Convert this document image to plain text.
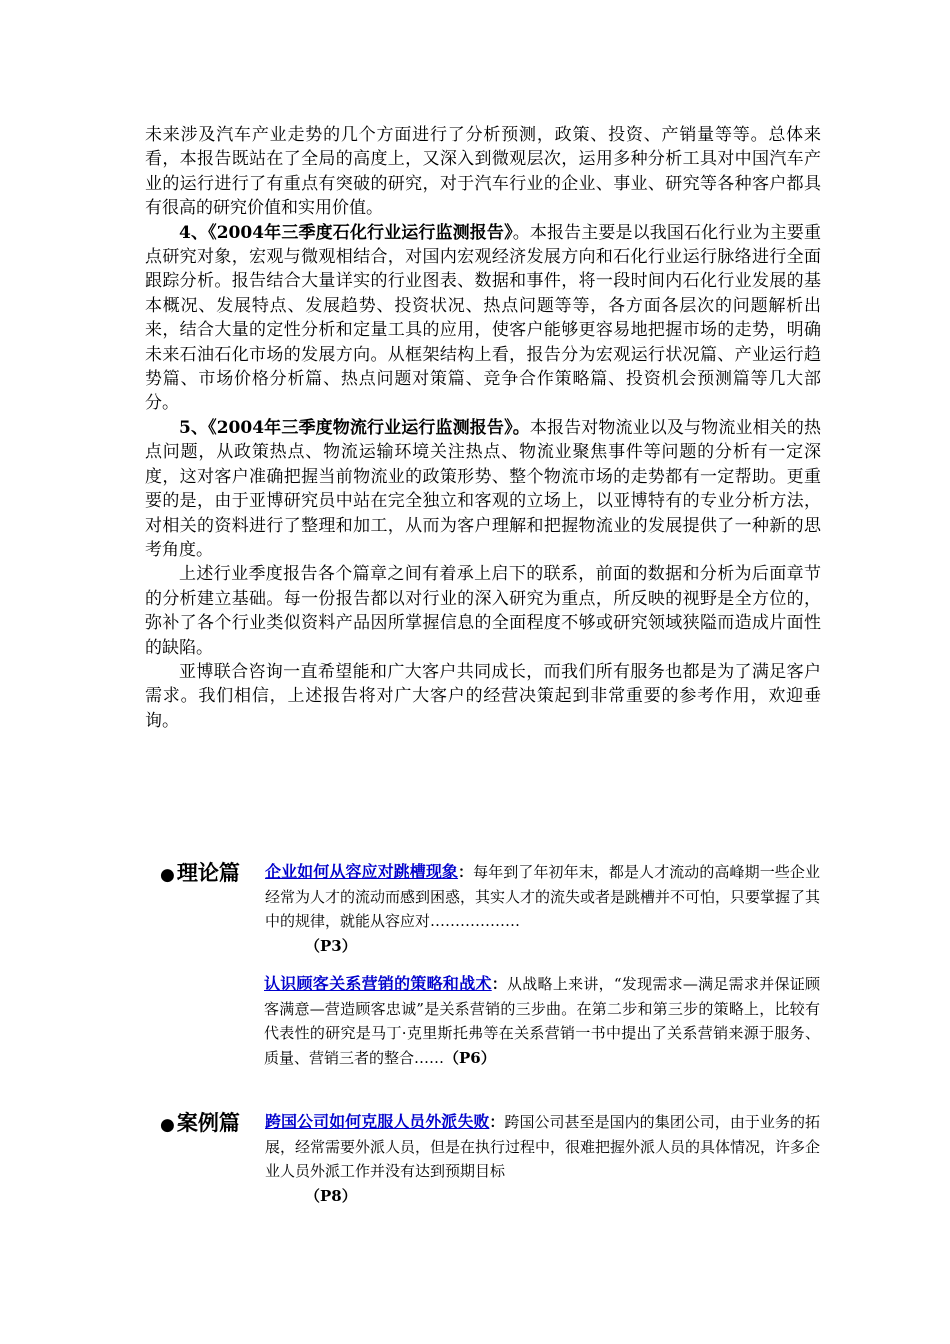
未来涉及汽车产业走势的几个方面进行了分析预测，政策、投资、产销量等等。总体来看，本报告既站在了全局的高度上，又深入到微观层次，运用多种分析工具对中国汽车产业的运行进行了有重点有突破的研究，对于汽车行业的企业、事业、研究等各种客户都具有很高的研究价值和实用价值。

4、《2004年三季度石化行业运行监测报告》。本报告主要是以我国石化行业为主要重点研究对象，宏观与微观相结合，对国内宏观经济发展方向和石化行业运行脉络进行全面跟踪分析。报告结合大量详实的行业图表、数据和事件，将一段时间内石化行业发展的基本概况、发展特点、发展趋势、投资状况、热点问题等等，各方面各层次的问题解析出来，结合大量的定性分析和定量工具的应用，使客户能够更容易地把握市场的走势，明确未来石油石化市场的发展方向。从框架结构上看，报告分为宏观运行状况篇、产业运行趋势篇、市场价格分析篇、热点问题对策篇、竞争合作策略篇、投资机会预测篇等几大部分。

5、《2004年三季度物流行业运行监测报告》。本报告对物流业以及与物流业相关的热点问题，从政策热点、物流运输环境关注热点、物流业聚焦事件等问题的分析有一定深度，这对客户准确把握当前物流业的政策形势、整个物流市场的走势都有一定帮助。更重要的是，由于亚博研究员中站在完全独立和客观的立场上，以亚博特有的专业分析方法，对相关的资料进行了整理和加工，从而为客户理解和把握物流业的发展提供了一种新的思考角度。

上述行业季度报告各个篇章之间有着承上启下的联系，前面的数据和分析为后面章节的分析建立基础。每一份报告都以对行业的深入研究为重点，所反映的视野是全方位的，弥补了各个行业类似资料产品因所掌握信息的全面程度不够或研究领域狭隘而造成片面性的缺陷。

亚博联合咨询一直希望能和广大客户共同成长，而我们所有服务也都是为了满足客户需求。我们相信，上述报告将对广大客户的经营决策起到非常重要的参考作用，欢迎垂询。

●理论篇 企业如何从容应对跳槽现象：每年到了年初年末，都是人才流动的高峰期一些企业经常为人才的流动而感到困惑，其实人才的流失或者是跳槽并不可怕，只要掌握了其中的规律，就能从容应对………………

（P3）

认识顾客关系营销的策略和战术：从战略上来讲，“发现需求—满足需求并保证顾客满意—营造顾客忠诚”是关系营销的三步曲。在第二步和第三步的策略上，比较有代表性的研究是马丁·克里斯托弗等在关系营销一书中提出了关系营销来源于服务、质量、营销三者的整合……（P6）

●案例篇 跨国公司如何克服人员外派失败：跨国公司甚至是国内的集团公司，由于业务的拓展，经常需要外派人员，但是在执行过程中，很难把握外派人员的具体情况，许多企业人员外派工作并没有达到预期目标

（P8）
